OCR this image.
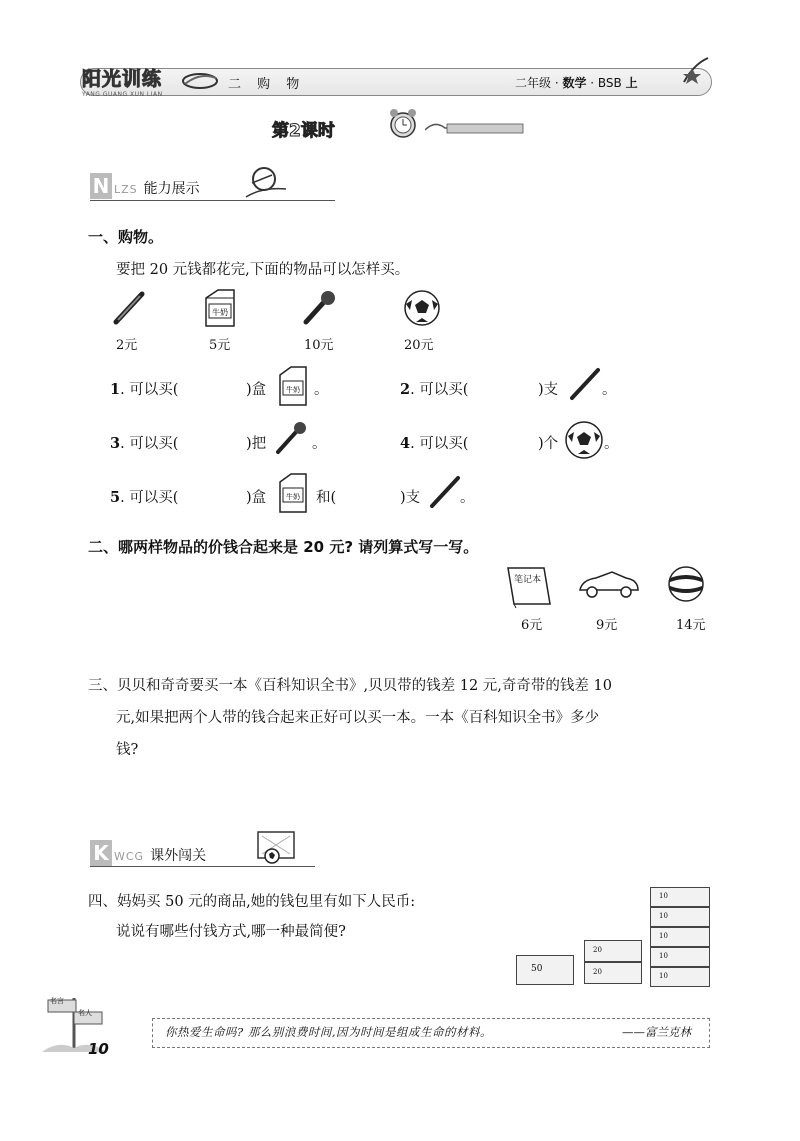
阳光训练
YANG GUANG XUN LIAN
二 购 物	二年级 · 数学 · BSB 上
第2课时
N LZS 能力展示
一、购物。
要把 20 元钱都花完,下面的物品可以怎样买。
牛奶
2元	5元	10元	20元
1. 可以买(	)盒	牛奶 。	2. 可以买(	)支	。
3. 可以买(	)把	。	4. 可以买(	)个	。
5. 可以买(	)盒	牛奶 和(	)支	。
二、哪两样物品的价钱合起来是 20 元? 请列算式写一写。
笔记本
6元	9元	14元
三、贝贝和奇奇要买一本《百科知识全书》,贝贝带的钱差 12 元,奇奇带的钱差 10
元,如果把两个人带的钱合起来正好可以买一本。一本《百科知识全书》多少
钱?
K WCG 课外闯关
四、妈妈买 50 元的商品,她的钱包里有如下人民币:
说说有哪些付钱方式,哪一种最简便?
50
20
20
10
10
10
10
10
名言
名人
10
你热爱生命吗? 那么别浪费时间,因为时间是组成生命的材料。	——富兰克林
